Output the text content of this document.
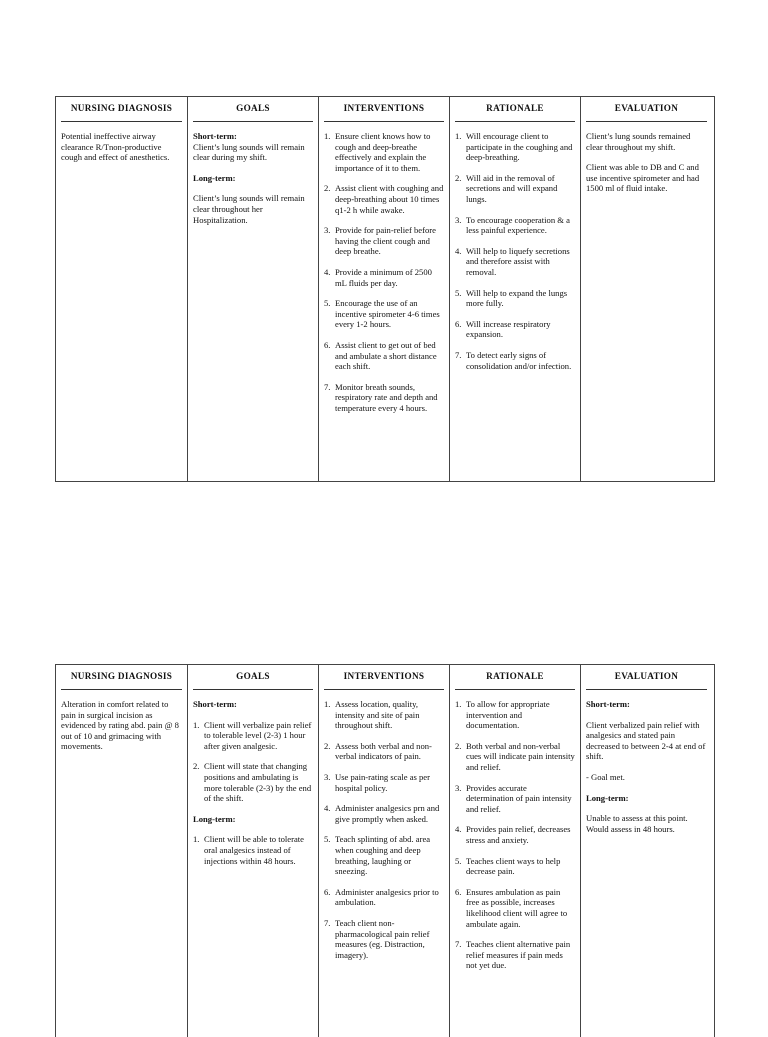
NURSING DIAGNOSIS

Potential ineffective airway clearance R/Tnon-productive cough and effect of anesthetics.

GOALS
Short-term:

Client’s lung sounds will remain clear during my shift.

Long-term:

Client’s lung sounds will remain clear throughout her Hospitalization.

INTERVENTIONS
1. Ensure client knows how to cough and deep-breathe effectively and explain the importance of it to them.
2. Assist client with coughing and deep-breathing about 10 times q1-2 h while awake.
3. Provide for pain-relief before having the client cough and deep breathe.
4. Provide a minimum of 2500 mL fluids per day.
5. Encourage the use of an incentive spirometer 4-6 times every 1-2 hours.
6. Assist client to get out of bed and ambulate a short distance each shift.
7. Monitor breath sounds, respiratory rate and depth and temperature every 4 hours.
RATIONALE
1. Will encourage client to participate in the coughing and deep-breathing.
2. Will aid in the removal of secretions and will expand lungs.
3. To encourage cooperation & a less painful experience.
4. Will help to liquefy secretions and therefore assist with removal.
5. Will help to expand the lungs more fully.
6. Will increase respiratory expansion.
7. To detect early signs of consolidation and/or infection.
EVALUATION

Client’s lung sounds remained clear throughout my shift.

Client was able to DB and C and use incentive spirometer and had 1500 ml of fluid intake.

NURSING DIAGNOSIS

Alteration in comfort related to pain in surgical incision as evidenced by rating abd. pain @ 8 out of 10 and grimacing with movements.

GOALS
Short-term:
1. Client will verbalize pain relief to tolerable level (2-3) 1 hour after given analgesic.
2. Client will state that changing positions and ambulating is more tolerable (2-3) by the end of the shift.
Long-term:
1. Client will be able to tolerate oral analgesics instead of injections within 48 hours.
INTERVENTIONS
1. Assess location, quality, intensity and site of pain throughout shift.
2. Assess both verbal and non-verbal indicators of pain.
3. Use pain-rating scale as per hospital policy.
4. Administer analgesics prn and give promptly when asked.
5. Teach splinting of abd. area when coughing and deep breathing, laughing or sneezing.
6. Administer analgesics prior to ambulation.
7. Teach client non-pharmacological pain relief measures (eg. Distraction, imagery).
RATIONALE
1. To allow for appropriate intervention and documentation.
2. Both verbal and non-verbal cues will indicate pain intensity and relief.
3. Provides accurate determination of pain intensity and relief.
4. Provides pain relief, decreases stress and anxiety.
5. Teaches client ways to help decrease pain.
6. Ensures ambulation as pain free as possible, increases likelihood client will agree to ambulate again.
7. Teaches client alternative pain relief measures if pain meds not yet due.
EVALUATION
Short-term:

Client verbalized pain relief with analgesics and stated pain decreased to between 2-4 at end of shift.

- Goal met.

Long-term:

Unable to assess at this point. Would assess in 48 hours.
